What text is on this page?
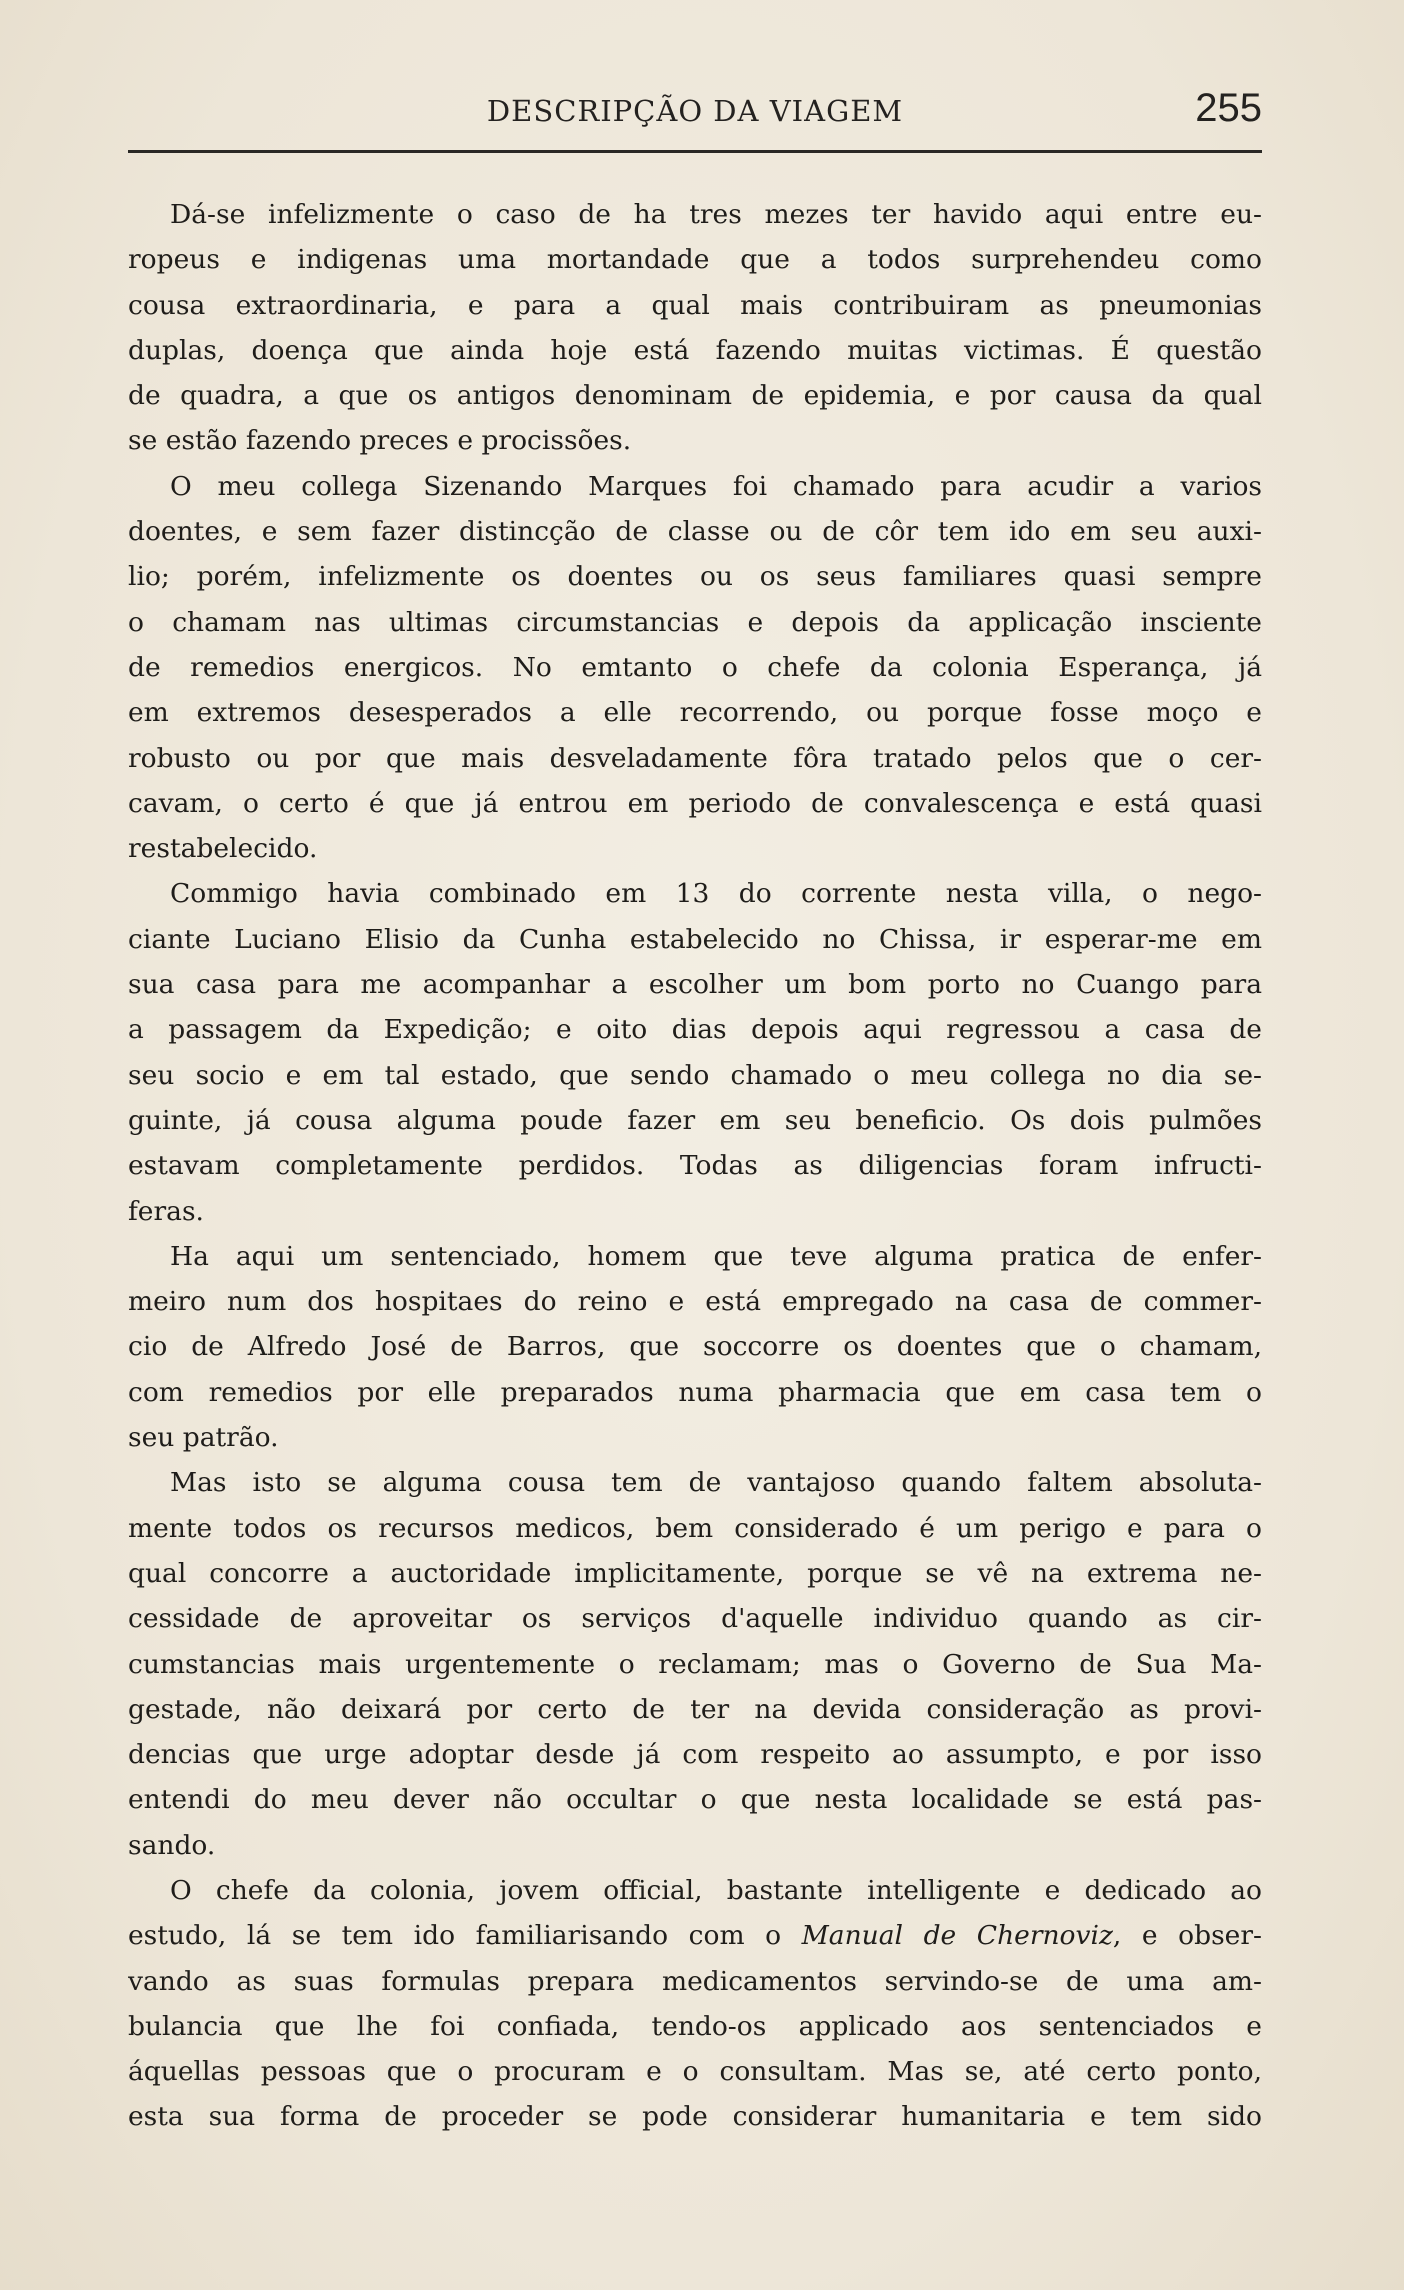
DESCRIPÇÃO DA VIAGEM	255
Dá-se infelizmente o caso de ha tres mezes ter havido aqui entre eu-
ropeus e indigenas uma mortandade que a todos surprehendeu como
cousa extraordinaria, e para a qual mais contribuiram as pneumonias
duplas, doença que ainda hoje está fazendo muitas victimas. É questão
de quadra, a que os antigos denominam de epidemia, e por causa da qual
se estão fazendo preces e procissões.
O meu collega Sizenando Marques foi chamado para acudir a varios
doentes, e sem fazer distincção de classe ou de côr tem ido em seu auxi-
lio; porém, infelizmente os doentes ou os seus familiares quasi sempre
o chamam nas ultimas circumstancias e depois da applicação insciente
de remedios energicos. No emtanto o chefe da colonia Esperança, já
em extremos desesperados a elle recorrendo, ou porque fosse moço e
robusto ou por que mais desveladamente fôra tratado pelos que o cer-
cavam, o certo é que já entrou em periodo de convalescença e está quasi
restabelecido.
Commigo havia combinado em 13 do corrente nesta villa, o nego-
ciante Luciano Elisio da Cunha estabelecido no Chissa, ir esperar-me em
sua casa para me acompanhar a escolher um bom porto no Cuango para
a passagem da Expedição; e oito dias depois aqui regressou a casa de
seu socio e em tal estado, que sendo chamado o meu collega no dia se-
guinte, já cousa alguma poude fazer em seu beneficio. Os dois pulmões
estavam completamente perdidos. Todas as diligencias foram infructi-
feras.
Ha aqui um sentenciado, homem que teve alguma pratica de enfer-
meiro num dos hospitaes do reino e está empregado na casa de commer-
cio de Alfredo José de Barros, que soccorre os doentes que o chamam,
com remedios por elle preparados numa pharmacia que em casa tem o
seu patrão.
Mas isto se alguma cousa tem de vantajoso quando faltem absoluta-
mente todos os recursos medicos, bem considerado é um perigo e para o
qual concorre a auctoridade implicitamente, porque se vê na extrema ne-
cessidade de aproveitar os serviços d'aquelle individuo quando as cir-
cumstancias mais urgentemente o reclamam; mas o Governo de Sua Ma-
gestade, não deixará por certo de ter na devida consideração as provi-
dencias que urge adoptar desde já com respeito ao assumpto, e por isso
entendi do meu dever não occultar o que nesta localidade se está pas-
sando.
O chefe da colonia, jovem official, bastante intelligente e dedicado ao
estudo, lá se tem ido familiarisando com o Manual de Chernoviz, e obser-
vando as suas formulas prepara medicamentos servindo-se de uma am-
bulancia que lhe foi confiada, tendo-os applicado aos sentenciados e
áquellas pessoas que o procuram e o consultam. Mas se, até certo ponto,
esta sua forma de proceder se pode considerar humanitaria e tem sido
